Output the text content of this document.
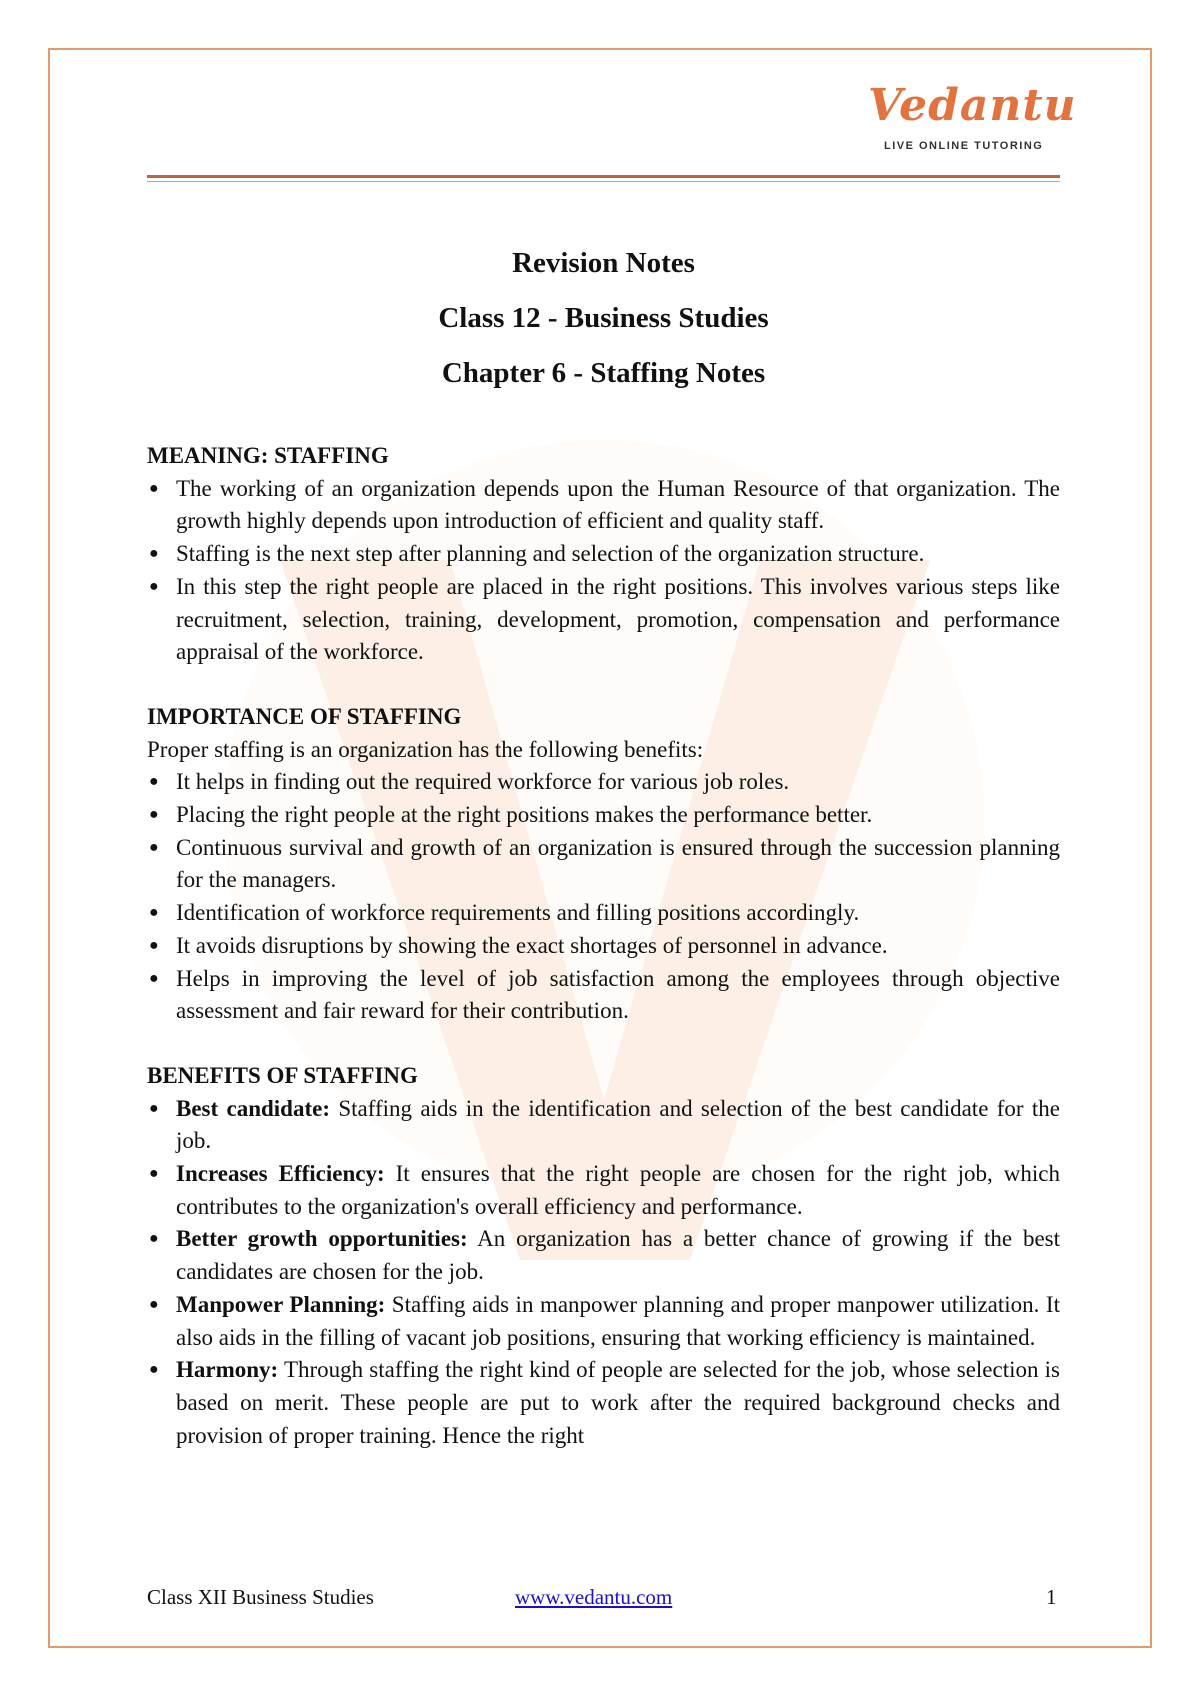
Vedantu
LIVE ONLINE TUTORING
Revision Notes
Class 12 - Business Studies
Chapter 6 - Staffing Notes

MEANING: STAFFING

● The working of an organization depends upon the Human Resource of that organization. The growth highly depends upon introduction of efficient and quality staff.
● Staffing is the next step after planning and selection of the organization structure.
● In this step the right people are placed in the right positions. This involves various steps like recruitment, selection, training, development, promotion, compensation and performance appraisal of the workforce.

IMPORTANCE OF STAFFING

Proper staffing is an organization has the following benefits:

● It helps in finding out the required workforce for various job roles.
● Placing the right people at the right positions makes the performance better.
● Continuous survival and growth of an organization is ensured through the succession planning for the managers.
● Identification of workforce requirements and filling positions accordingly.
● It avoids disruptions by showing the exact shortages of personnel in advance.
● Helps in improving the level of job satisfaction among the employees through objective assessment and fair reward for their contribution.

BENEFITS OF STAFFING

● Best candidate: Staffing aids in the identification and selection of the best candidate for the job.
● Increases Efficiency: It ensures that the right people are chosen for the right job, which contributes to the organization's overall efficiency and performance.
● Better growth opportunities: An organization has a better chance of growing if the best candidates are chosen for the job.
● Manpower Planning: Staffing aids in manpower planning and proper manpower utilization. It also aids in the filling of vacant job positions, ensuring that working efficiency is maintained.
● Harmony: Through staffing the right kind of people are selected for the job, whose selection is based on merit. These people are put to work after the required background checks and provision of proper training. Hence the right
Class XII Business Studies	www.vedantu.com	1
